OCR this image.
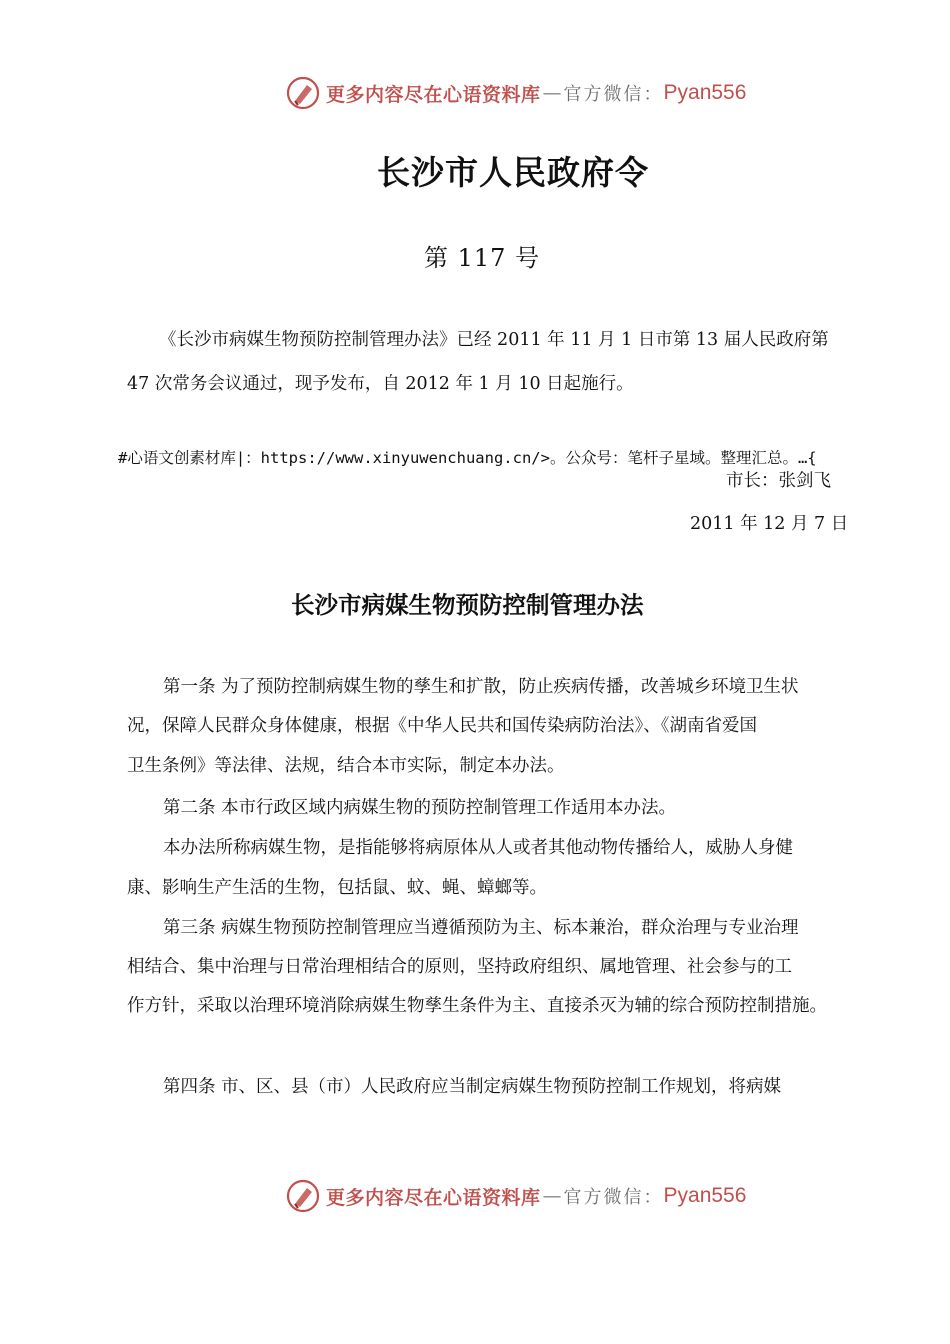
更多内容尽在心语资料库 — 官方微信： Pyan556
长沙市人民政府令
第 117 号
《长沙市病媒生物预防控制管理办法》已经 2011 年 11 月 1 日市第 13 届人民政府第
47 次常务会议通过，现予发布，自 2012 年 1 月 10 日起施行。
#心语文创素材库|：https://www.xinyuwenchuang.cn/>。公众号：笔杆子星域。整理汇总。…{
市长：张剑飞
2011 年 12 月 7 日
长沙市病媒生物预防控制管理办法
第一条 为了预防控制病媒生物的孳生和扩散，防止疾病传播，改善城乡环境卫生状
况，保障人民群众身体健康，根据《中华人民共和国传染病防治法》、《湖南省爱国
卫生条例》等法律、法规，结合本市实际，制定本办法。
第二条 本市行政区域内病媒生物的预防控制管理工作适用本办法。
本办法所称病媒生物，是指能够将病原体从人或者其他动物传播给人，威胁人身健
康、影响生产生活的生物，包括鼠、蚊、蝇、蟑螂等。
第三条 病媒生物预防控制管理应当遵循预防为主、标本兼治，群众治理与专业治理
相结合、集中治理与日常治理相结合的原则，坚持政府组织、属地管理、社会参与的工
作方针，采取以治理环境消除病媒生物孳生条件为主、直接杀灭为辅的综合预防控制措施。
第四条 市、区、县（市）人民政府应当制定病媒生物预防控制工作规划，将病媒
更多内容尽在心语资料库 — 官方微信： Pyan556
